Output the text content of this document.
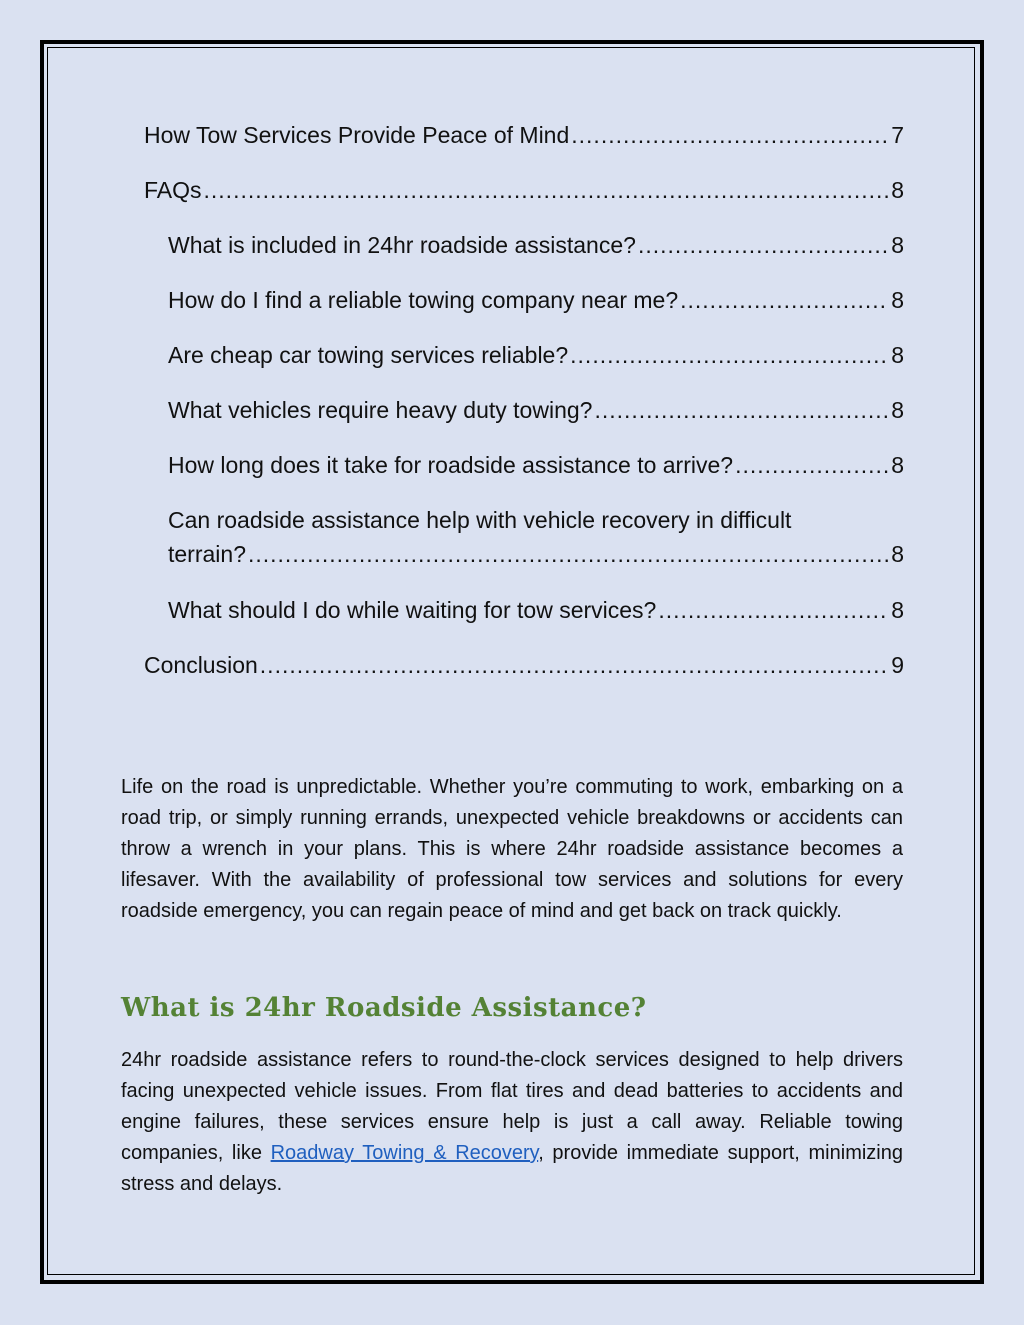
How Tow Services Provide Peace of Mind .....	7
FAQs .....	8
What is included in 24hr roadside assistance? .....	8
How do I find a reliable towing company near me? .....	8
Are cheap car towing services reliable? .....	8
What vehicles require heavy duty towing? .....	8
How long does it take for roadside assistance to arrive? .....	8
Can roadside assistance help with vehicle recovery in difficult
terrain? .....	8
What should I do while waiting for tow services? .....	8
Conclusion .....	9

Life on the road is unpredictable. Whether you’re commuting to work, embarking on a road trip, or simply running errands, unexpected vehicle breakdowns or accidents can throw a wrench in your plans. This is where 24hr roadside assistance becomes a lifesaver. With the availability of professional tow services and solutions for every roadside emergency, you can regain peace of mind and get back on track quickly.

What is 24hr Roadside Assistance?

24hr roadside assistance refers to round-the-clock services designed to help drivers facing unexpected vehicle issues. From flat tires and dead batteries to accidents and engine failures, these services ensure help is just a call away. Reliable towing companies, like Roadway Towing & Recovery, provide immediate support, minimizing stress and delays.
